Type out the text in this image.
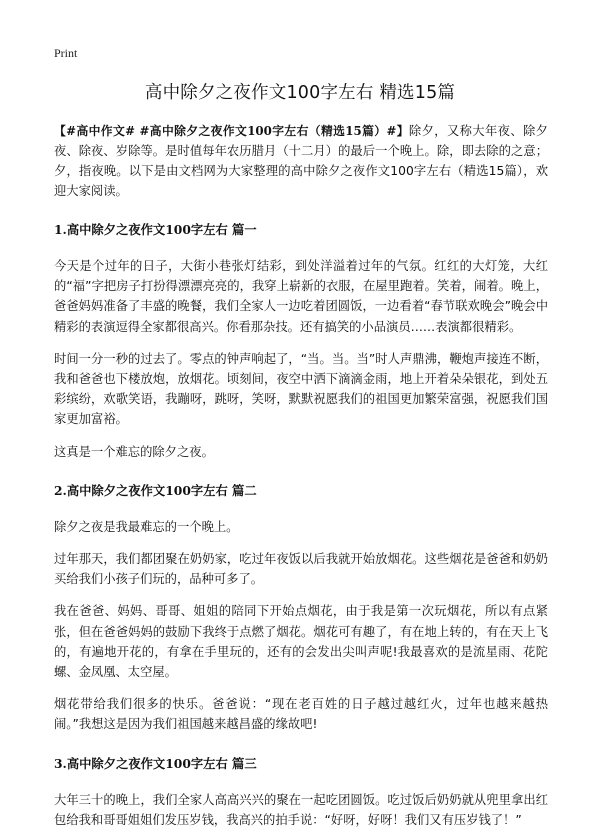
Print
高中除夕之夜作文100字左右 精选15篇

【#高中作文# #高中除夕之夜作文100字左右（精选15篇）#】除夕，又称大年夜、除夕夜、除夜、岁除等。是时值每年农历腊月（十二月）的最后一个晚上。除，即去除的之意；夕，指夜晚。以下是由文档网为大家整理的高中除夕之夜作文100字左右（精选15篇），欢迎大家阅读。

1.高中除夕之夜作文100字左右 篇一

今天是个过年的日子，大街小巷张灯结彩，到处洋溢着过年的气氛。红红的大灯笼，大红的“福”字把房子打扮得漂漂亮亮的，我穿上崭新的衣服，在屋里跑着。笑着，闹着。晚上，爸爸妈妈准备了丰盛的晚餐，我们全家人一边吃着团圆饭，一边看着“春节联欢晚会”晚会中精彩的表演逗得全家都很高兴。你看那杂技。还有搞笑的小品演员……表演都很精彩。

时间一分一秒的过去了。零点的钟声响起了，“当。当。当”时人声鼎沸，鞭炮声接连不断，我和爸爸也下楼放炮，放烟花。顷刻间，夜空中洒下滴滴金雨，地上开着朵朵银花，到处五彩缤纷，欢歌笑语，我蹦呀，跳呀，笑呀，默默祝愿我们的祖国更加繁荣富强，祝愿我们国家更加富裕。

这真是一个难忘的除夕之夜。

2.高中除夕之夜作文100字左右 篇二

除夕之夜是我最难忘的一个晚上。

过年那天，我们都团聚在奶奶家，吃过年夜饭以后我就开始放烟花。这些烟花是爸爸和奶奶买给我们小孩子们玩的，品种可多了。

我在爸爸、妈妈、哥哥、姐姐的陪同下开始点烟花，由于我是第一次玩烟花，所以有点紧张，但在爸爸妈妈的鼓励下我终于点燃了烟花。烟花可有趣了，有在地上转的，有在天上飞的，有遍地开花的，有拿在手里玩的，还有的会发出尖叫声呢!我最喜欢的是流星雨、花陀螺、金凤凰、太空屋。

烟花带给我们很多的快乐。爸爸说：“现在老百姓的日子越过越红火，过年也越来越热闹。”我想这是因为我们祖国越来越昌盛的缘故吧!

3.高中除夕之夜作文100字左右 篇三

大年三十的晚上，我们全家人高高兴兴的聚在一起吃团圆饭。吃过饭后奶奶就从兜里拿出红包给我和哥哥姐姐们发压岁钱，我高兴的拍手说：“好呀，好呀！我们又有压岁钱了！”
